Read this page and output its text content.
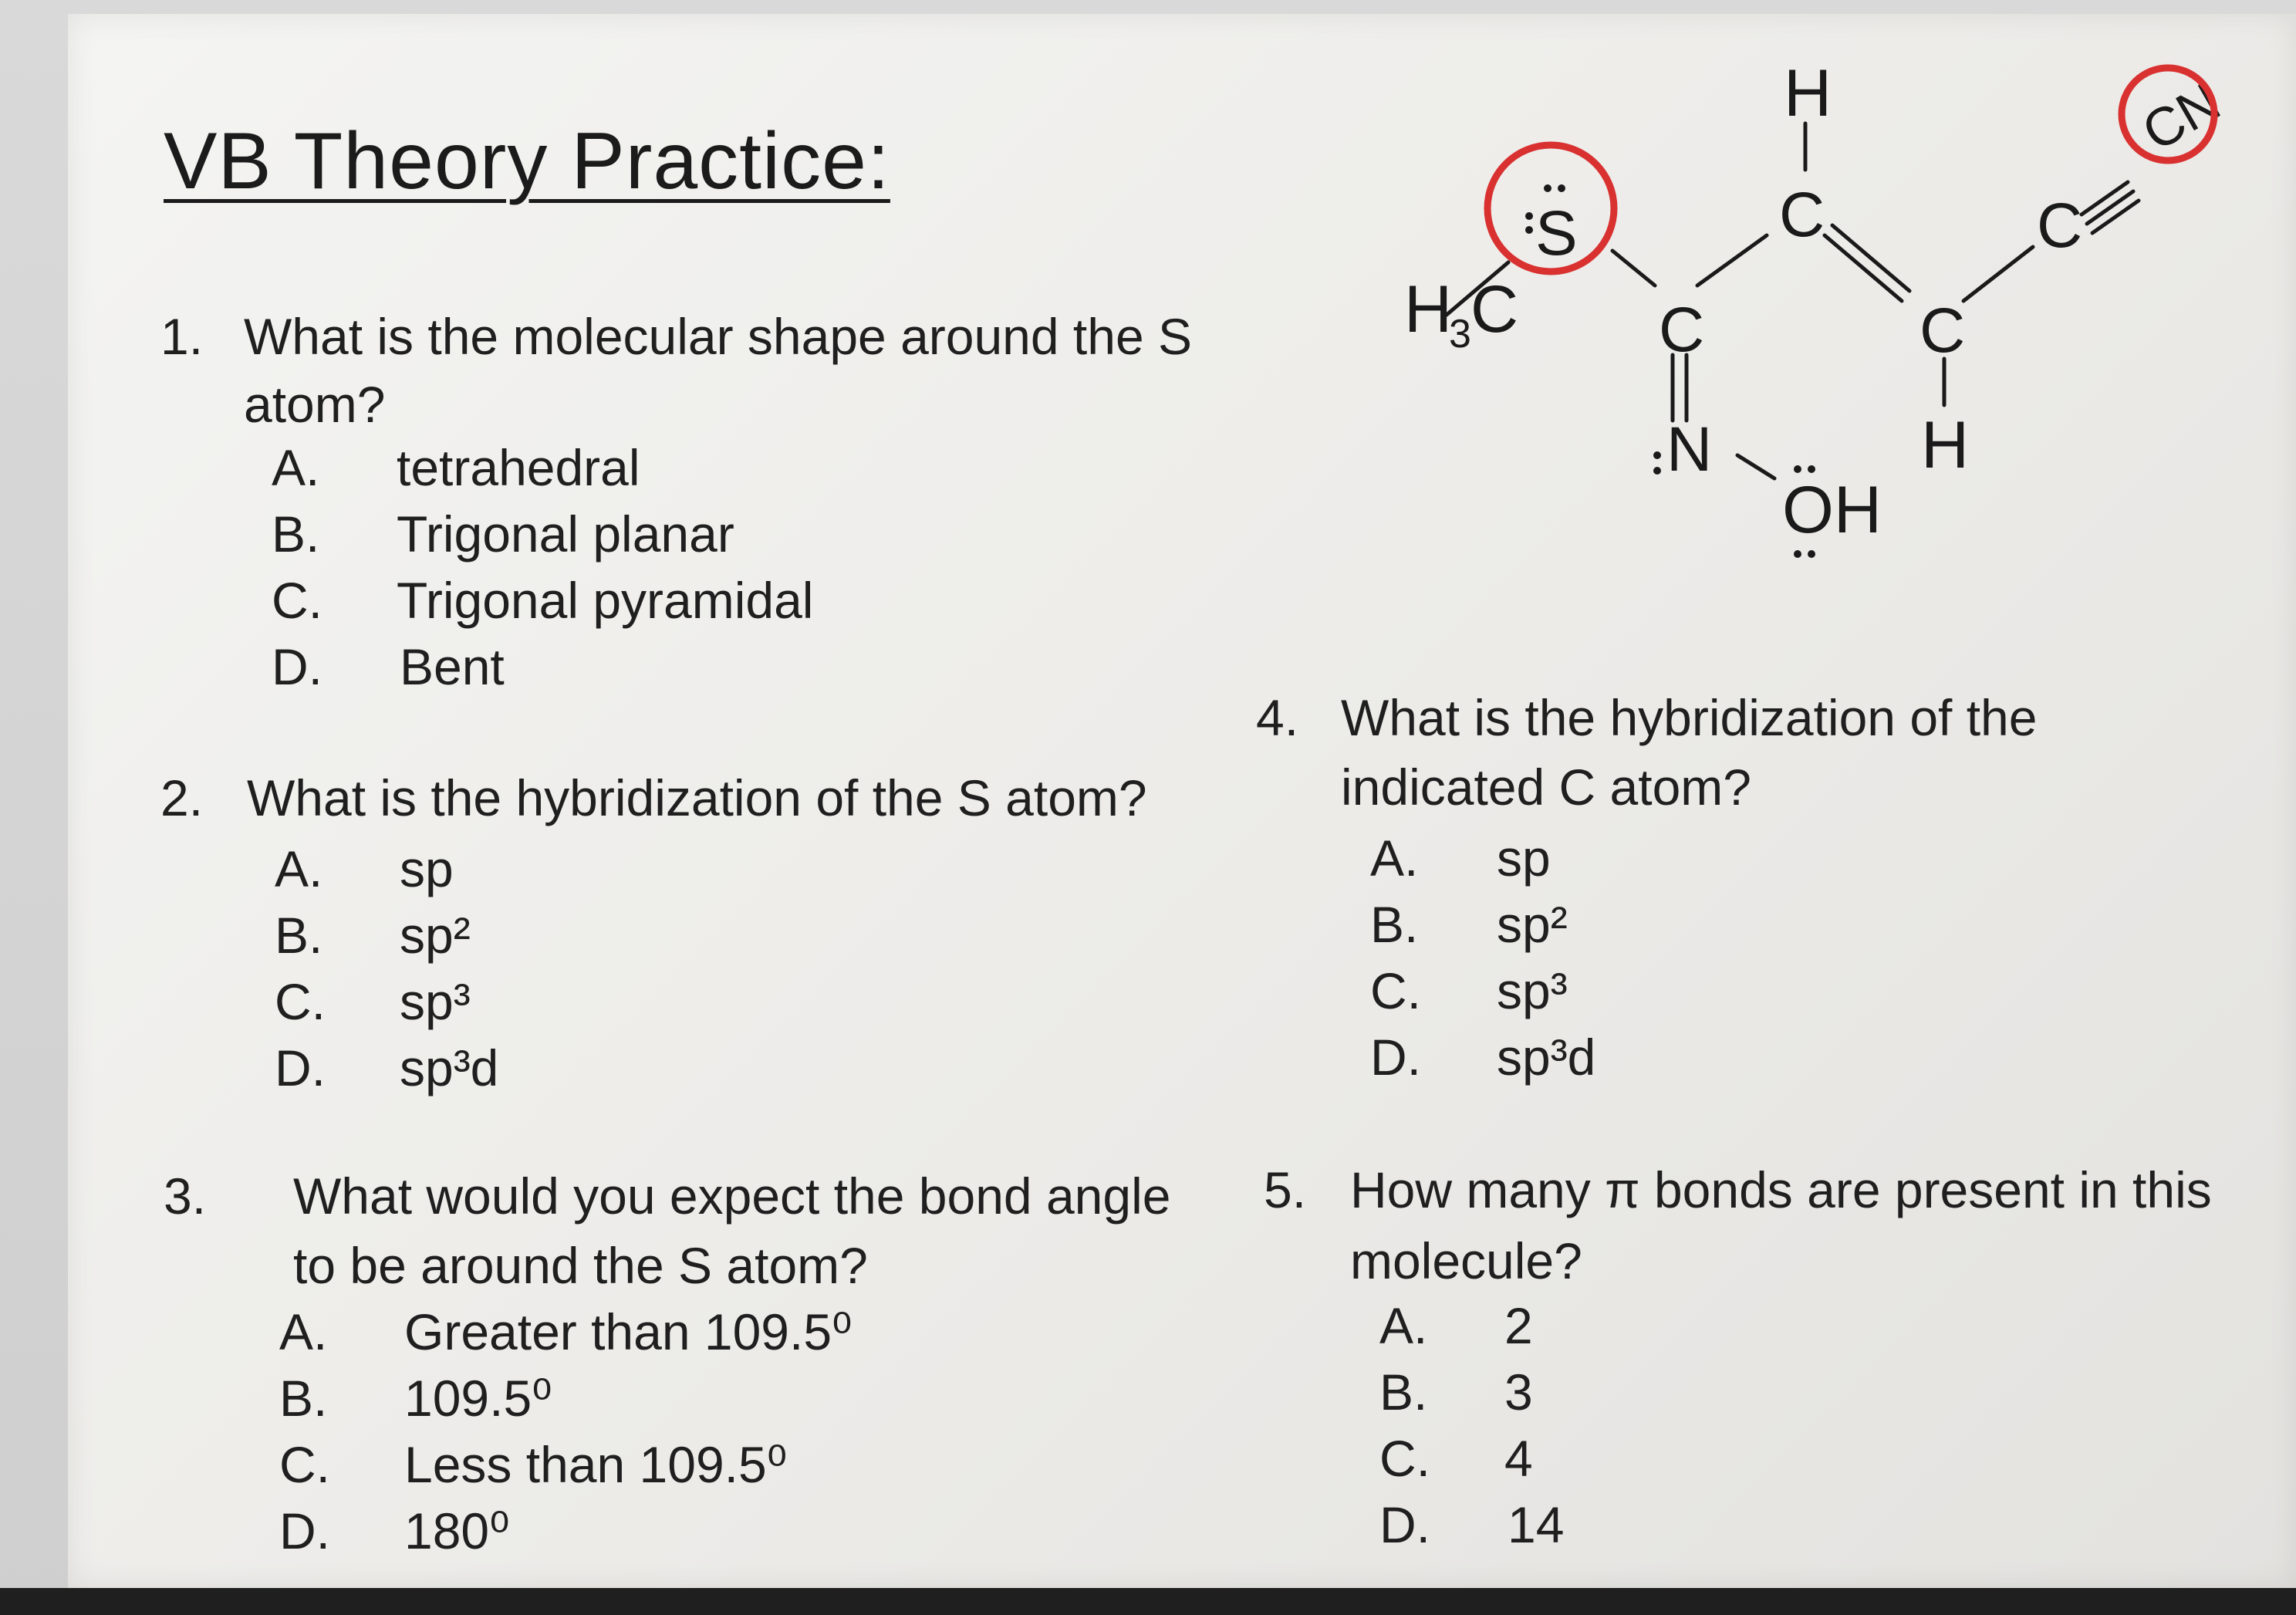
VB Theory Practice:
1. What is the molecular shape around the S
atom?
A. tetrahedral
B. Trigonal planar
C. Trigonal pyramidal
D. Bent
2. What is the hybridization of the S atom?
A. sp
B. sp²
C. sp³
D. sp³d
3. What would you expect the bond angle
to be around the S atom?
A. Greater than 109.5⁰
B. 109.5⁰
C. Less than 109.5⁰
D. 180⁰
4. What is the hybridization of the
indicated C atom?
A. sp
B. sp²
C. sp³
D. sp³d
5. How many π bonds are present in this
molecule?
A. 2
B. 3
C. 4
D. 14
H
3 C
S
C
N
OH
H
C
C
H
C
CN
